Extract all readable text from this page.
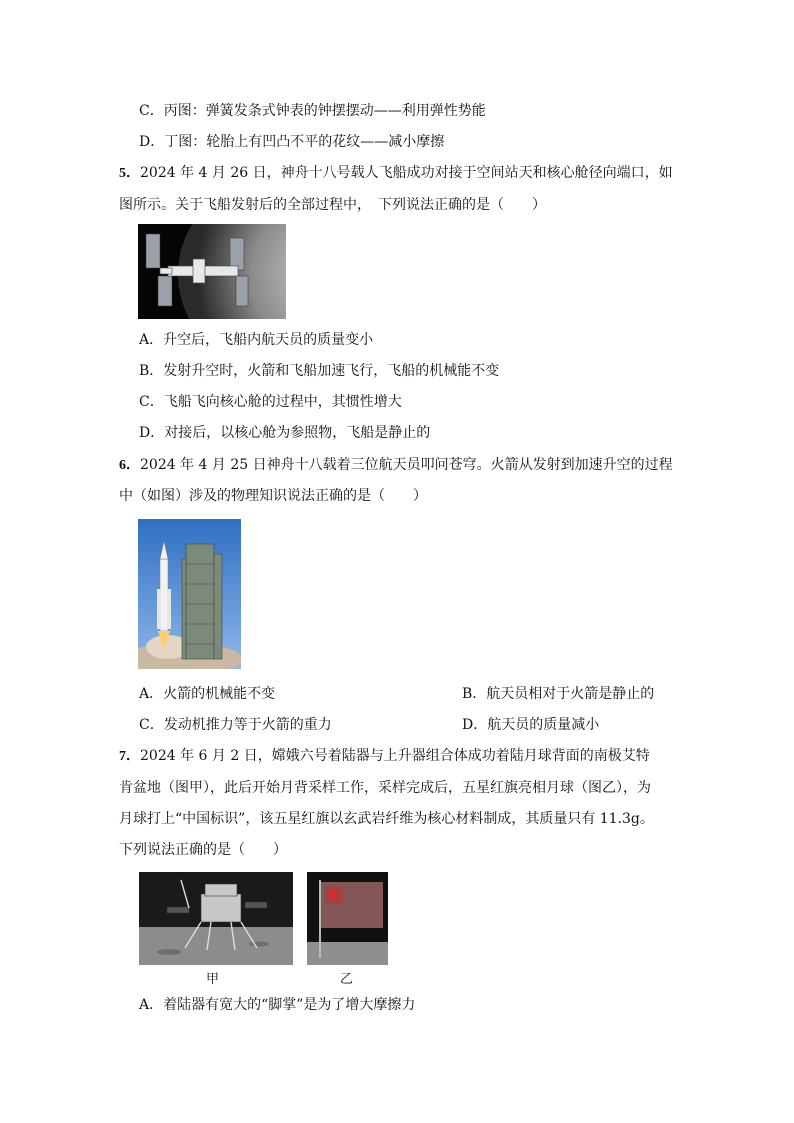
C．丙图：弹簧发条式钟表的钟摆摆动——利用弹性势能
D．丁图：轮胎上有凹凸不平的花纹——减小摩擦
5．2024 年 4 月 26 日，神舟十八号载人飞船成功对接于空间站天和核心舱径向端口，如
图所示。关于飞船发射后的全部过程中，　下列说法正确的是（　　）
A．升空后，飞船内航天员的质量变小
B．发射升空时，火箭和飞船加速飞行，飞船的机械能不变
C．飞船飞向核心舱的过程中，其惯性增大
D．对接后，以核心舱为参照物，飞船是静止的
6．2024 年 4 月 25 日神舟十八载着三位航天员叩问苍穹。火箭从发射到加速升空的过程
中（如图）涉及的物理知识说法正确的是（　　）
A．火箭的机械能不变	B．航天员相对于火箭是静止的
C．发动机推力等于火箭的重力	D．航天员的质量减小
7．2024 年 6 月 2 日，嫦娥六号着陆器与上升器组合体成功着陆月球背面的南极艾特
肯盆地（图甲），此后开始月背采样工作，采样完成后，五星红旗亮相月球（图乙），为
月球打上“中国标识”，该五星红旗以玄武岩纤维为核心材料制成，其质量只有 11.3g。
下列说法正确的是（　　）
甲	乙
A．着陆器有宽大的“脚掌”是为了增大摩擦力
